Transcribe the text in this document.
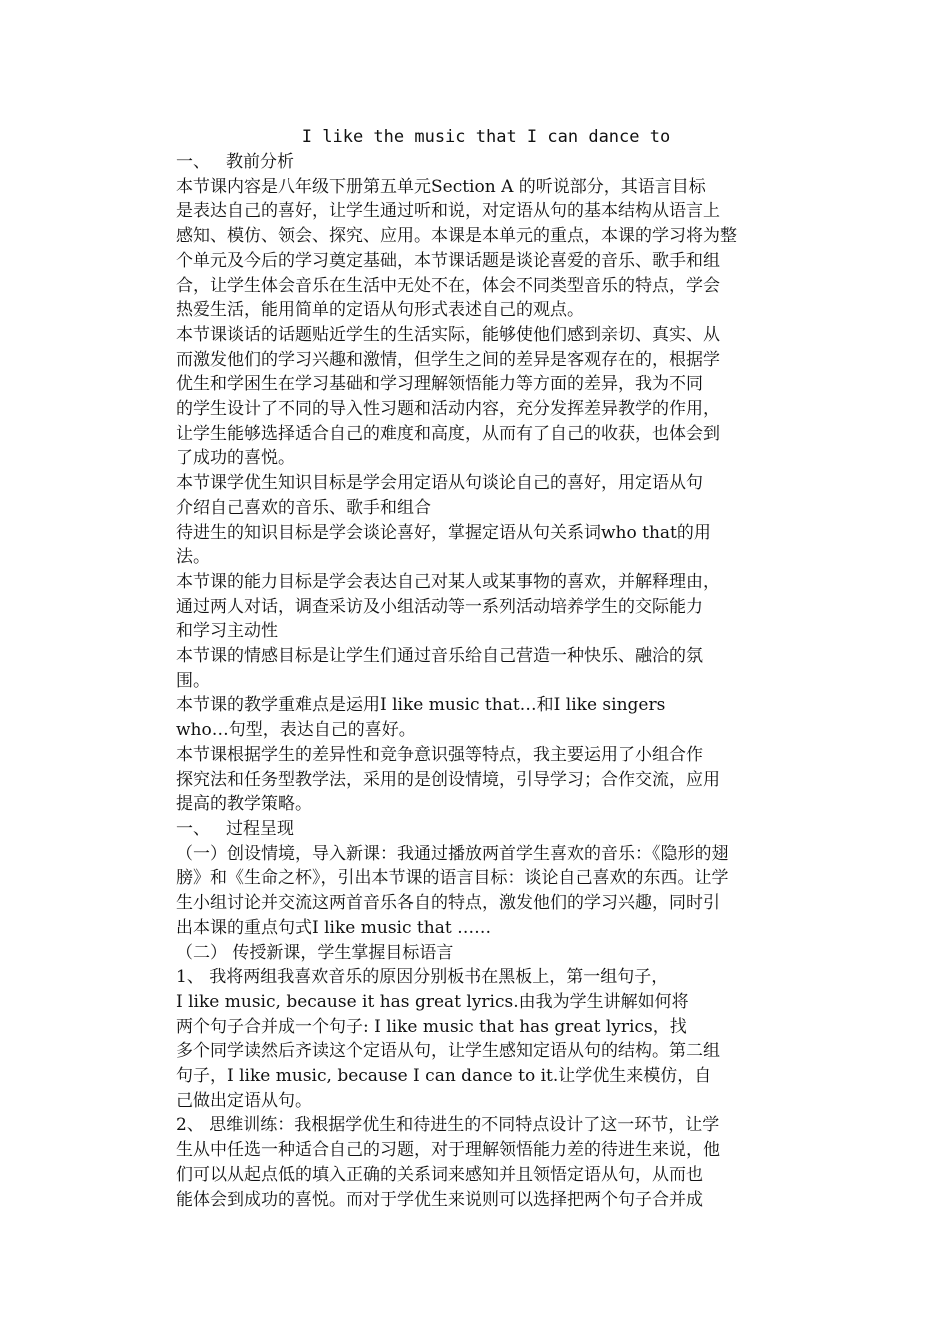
I like the music that I can dance to

一、 教前分析

本节课内容是八年级下册第五单元Section A 的听说部分，其语言目标

是表达自己的喜好，让学生通过听和说，对定语从句的基本结构从语言上

感知、模仿、领会、探究、应用。本课是本单元的重点，本课的学习将为整

个单元及今后的学习奠定基础，本节课话题是谈论喜爱的音乐、歌手和组

合，让学生体会音乐在生活中无处不在，体会不同类型音乐的特点，学会

热爱生活，能用简单的定语从句形式表述自己的观点。

本节课谈话的话题贴近学生的生活实际，能够使他们感到亲切、真实、从

而激发他们的学习兴趣和激情，但学生之间的差异是客观存在的，根据学

优生和学困生在学习基础和学习理解领悟能力等方面的差异，我为不同

的学生设计了不同的导入性习题和活动内容，充分发挥差异教学的作用，

让学生能够选择适合自己的难度和高度，从而有了自己的收获，也体会到

了成功的喜悦。

本节课学优生知识目标是学会用定语从句谈论自己的喜好，用定语从句

介绍自己喜欢的音乐、歌手和组合

待进生的知识目标是学会谈论喜好，掌握定语从句关系词who that的用

法。

本节课的能力目标是学会表达自己对某人或某事物的喜欢，并解释理由，

通过两人对话，调查采访及小组活动等一系列活动培养学生的交际能力

和学习主动性

本节课的情感目标是让学生们通过音乐给自己营造一种快乐、融洽的氛

围。

本节课的教学重难点是运用I like music that…和I like singers

who…句型，表达自己的喜好。

本节课根据学生的差异性和竞争意识强等特点，我主要运用了小组合作

探究法和任务型教学法，采用的是创设情境，引导学习；合作交流，应用

提高的教学策略。

一、 过程呈现

（一）创设情境，导入新课：我通过播放两首学生喜欢的音乐：《隐形的翅

膀》和《生命之杯》，引出本节课的语言目标：谈论自己喜欢的东西。让学

生小组讨论并交流这两首音乐各自的特点，激发他们的学习兴趣，同时引

出本课的重点句式I like music that ……

（二） 传授新课，学生掌握目标语言

1、 我将两组我喜欢音乐的原因分别板书在黑板上，第一组句子，

I like music, because it has great lyrics.由我为学生讲解如何将

两个句子合并成一个句子: I like music that has great lyrics，找

多个同学读然后齐读这个定语从句，让学生感知定语从句的结构。第二组

句子，I like music, because I can dance to it.让学优生来模仿，自

己做出定语从句。

2、 思维训练：我根据学优生和待进生的不同特点设计了这一环节，让学

生从中任选一种适合自己的习题，对于理解领悟能力差的待进生来说，他

们可以从起点低的填入正确的关系词来感知并且领悟定语从句，从而也

能体会到成功的喜悦。而对于学优生来说则可以选择把两个句子合并成
